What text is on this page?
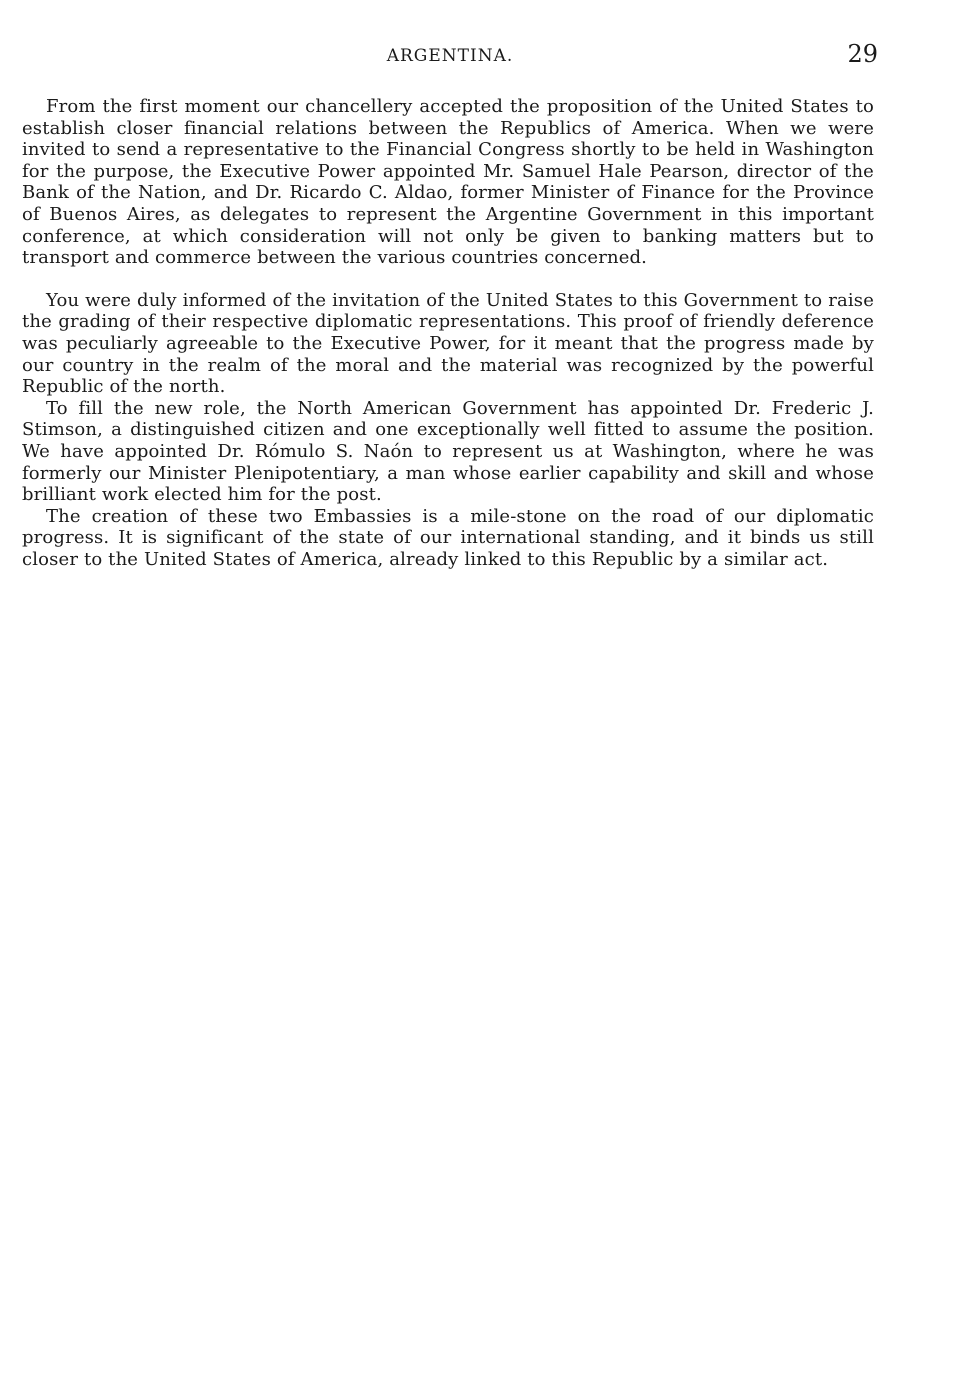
ARGENTINA.	29

From the first moment our chancellery accepted the proposition of the United States to establish closer financial relations between the Republics of America. When we were invited to send a representative to the Financial Congress shortly to be held in Washington for the purpose, the Executive Power appointed Mr. Samuel Hale Pearson, director of the Bank of the Nation, and Dr. Ricardo C. Aldao, former Minister of Finance for the Province of Buenos Aires, as delegates to represent the Argentine Government in this important conference, at which consideration will not only be given to banking matters but to transport and commerce between the various countries concerned.

You were duly informed of the invitation of the United States to this Government to raise the grading of their respective diplomatic representations. This proof of friendly deference was peculiarly agreeable to the Executive Power, for it meant that the progress made by our country in the realm of the moral and the material was recognized by the powerful Republic of the north.

To fill the new role, the North American Government has appointed Dr. Frederic J. Stimson, a distinguished citizen and one exceptionally well fitted to assume the position. We have appointed Dr. Rómulo S. Naón to represent us at Washington, where he was formerly our Minister Plenipotentiary, a man whose earlier capability and skill and whose brilliant work elected him for the post.

The creation of these two Embassies is a mile-stone on the road of our diplomatic progress. It is significant of the state of our international standing, and it binds us still closer to the United States of America, already linked to this Republic by a similar act.
